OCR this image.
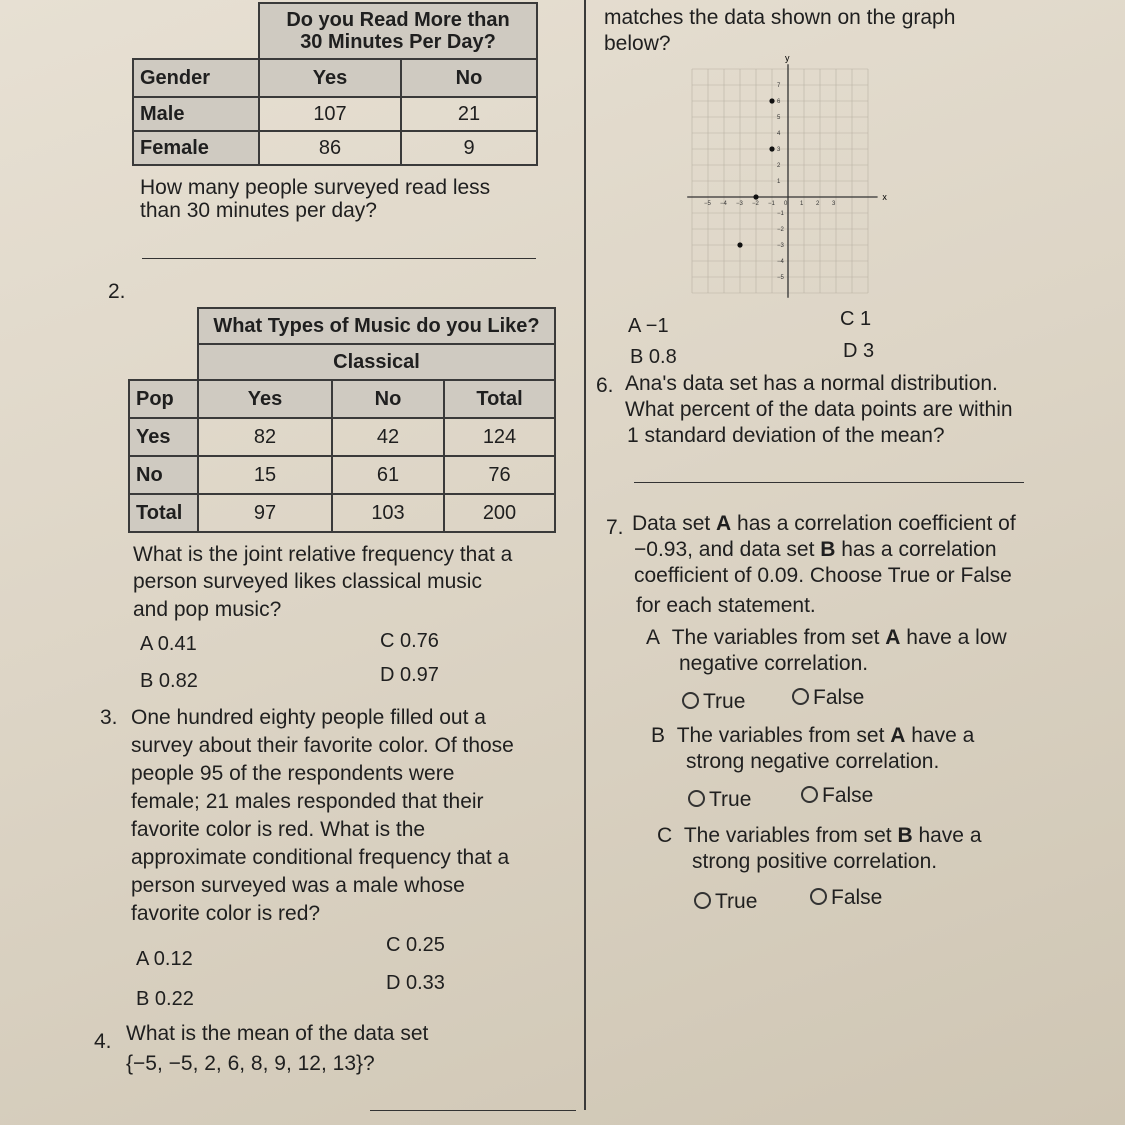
	Do you Read More than
30 Minutes Per Day?	

Gender	Yes	No
Male	107	21
Female	86	9
How many people surveyed read less
than 30 minutes per day?
2.
	What Types of Music do you Like?		
	Classical		
Pop	Yes	No	Total
Yes	82	42	124
No	15	61	76
Total	97	103	200
What is the joint relative frequency that a
person surveyed likes classical music
and pop music?
A 0.41
B 0.82
C 0.76
D 0.97
3. One hundred eighty people filled out a
survey about their favorite color. Of those
people 95 of the respondents were
female; 21 males responded that their
favorite color is red. What is the
approximate conditional frequency that a
person surveyed was a male whose
favorite color is red?
A 0.12
B 0.22
C 0.25
D 0.33
4. What is the mean of the data set
{−5, −5, 2, 6, 8, 9, 12, 13}?
matches the data shown on the graph
below?
x
y
−5 −4 −3 −2 −1 0 1 2 3
7
6
5
4
3
2
1
−1
−2
−3
−4
−5
A −1
B 0.8
C 1
D 3
6. Ana's data set has a normal distribution.
What percent of the data points are within
1 standard deviation of the mean?
7. Data set A has a correlation coefficient of
−0.93, and data set B has a correlation
coefficient of 0.09. Choose True or False
for each statement.
A The variables from set A have a low
negative correlation.
True	False
B The variables from set A have a
strong negative correlation.
True	False
C The variables from set B have a
strong positive correlation.
True	False
